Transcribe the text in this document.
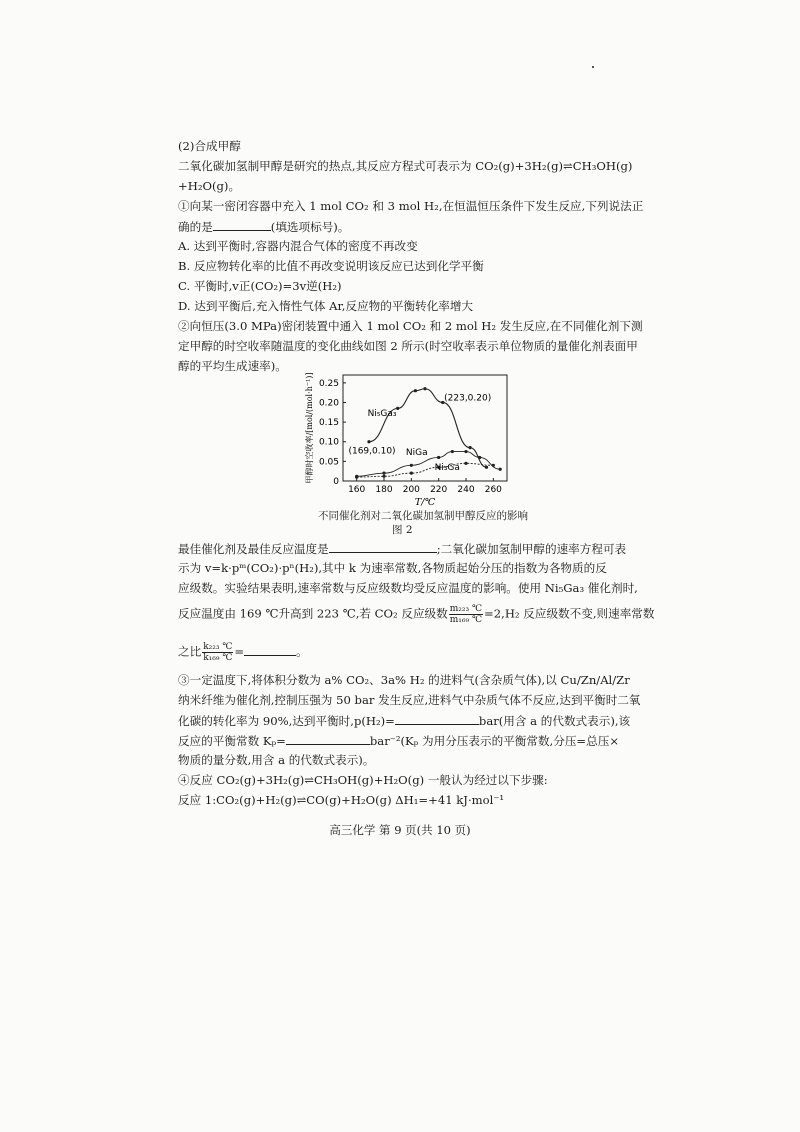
(2)合成甲醇
二氧化碳加氢制甲醇是研究的热点,其反应方程式可表示为 CO₂(g)+3H₂(g)⇌CH₃OH(g)
+H₂O(g)。
①向某一密闭容器中充入 1 mol CO₂ 和 3 mol H₂,在恒温恒压条件下发生反应,下列说法正
确的是	(填选项标号)。
A. 达到平衡时,容器内混合气体的密度不再改变
B. 反应物转化率的比值不再改变说明该反应已达到化学平衡
C. 平衡时,v正(CO₂)=3v逆(H₂)
D. 达到平衡后,充入惰性气体 Ar,反应物的平衡转化率增大
②向恒压(3.0 MPa)密闭装置中通入 1 mol CO₂ 和 2 mol H₂ 发生反应,在不同催化剂下测
定甲醇的时空收率随温度的变化曲线如图 2 所示(时空收率表示单位物质的量催化剂表面甲
醇的平均生成速率)。
160 180 200 220 240 260
0
0.05
0.10
0.15
0.20
0.25
T/℃
甲醇时空收率/[mol/(mol·h⁻¹)]	Ni₅Ga₃
NiGa
Ni₃Ga
(169,0.10)
(223,0.20)
不同催化剂对二氧化碳加氢制甲醇反应的影响
图 2
最佳催化剂及最佳反应温度是	;二氧化碳加氢制甲醇的速率方程可表
示为 v=k·pᵐ(CO₂)·pⁿ(H₂),其中 k 为速率常数,各物质起始分压的指数为各物质的反
应级数。实验结果表明,速率常数与反应级数均受反应温度的影响。使用 Ni₅Ga₃ 催化剂时,
反应温度由 169 ℃升高到 223 ℃,若 CO₂ 反应级数 $\frac{\text{m₂₂₃ ℃}}{\text{m₁₆₉ ℃}} =2,H_2$ 反应级数不变,则速率常数
之比 $\frac{\text{k₂₂₃ ℃}}{\text{k₁₆₉ ℃}}$ =	。
③一定温度下,将体积分数为 a% CO₂、3a% H₂ 的进料气(含杂质气体),以 Cu/Zn/Al/Zr
纳米纤维为催化剂,控制压强为 50 bar 发生反应,进料气中杂质气体不反应,达到平衡时二氧
化碳的转化率为 90%,达到平衡时,p(H₂)=	bar(用含 a 的代数式表示),该
反应的平衡常数 Kₚ=	bar⁻²(Kₚ 为用分压表示的平衡常数,分压=总压×
物质的量分数,用含 a 的代数式表示)。
④反应 CO₂(g)+3H₂(g)⇌CH₃OH(g)+H₂O(g) 一般认为经过以下步骤:
反应 1:CO₂(g)+H₂(g)⇌CO(g)+H₂O(g) ΔH₁=+41 kJ·mol⁻¹
高三化学 第 9 页(共 10 页)
